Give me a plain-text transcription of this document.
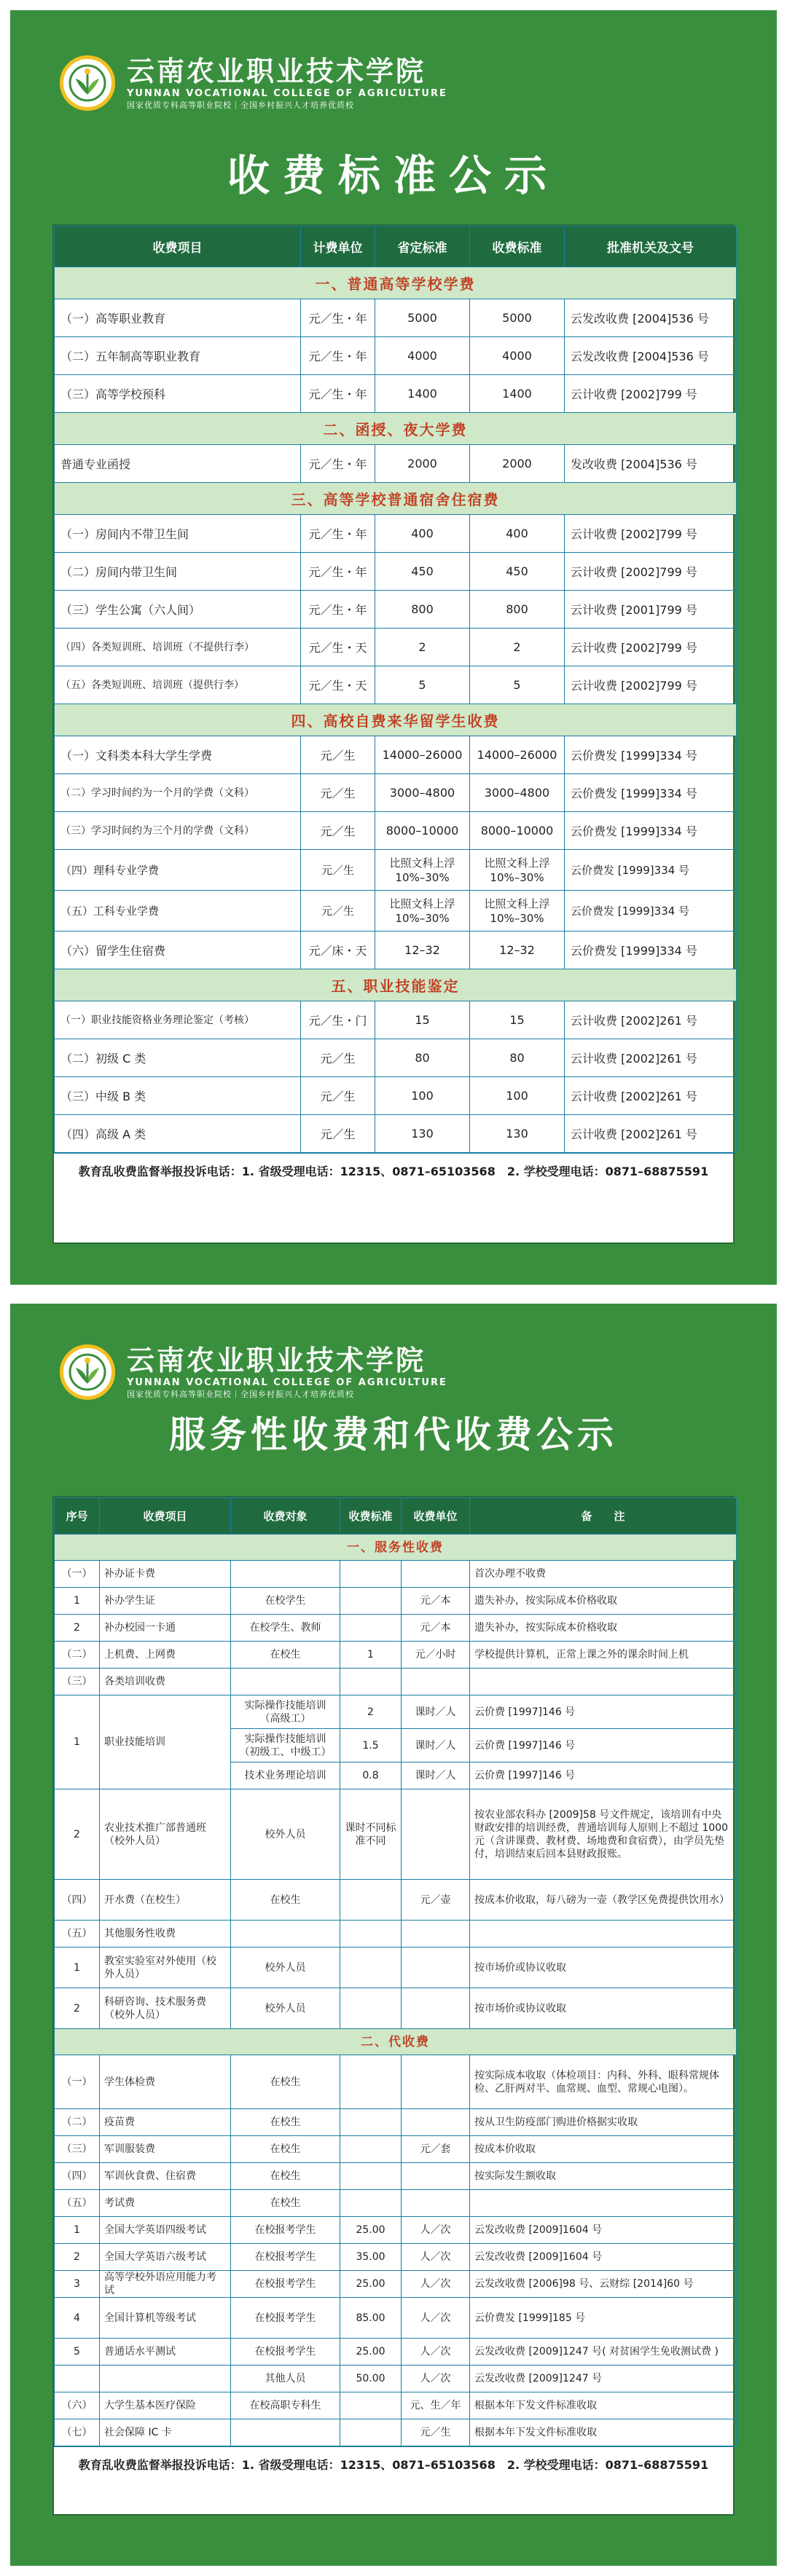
云南农业职业技术学院
YUNNAN VOCATIONAL COLLEGE OF AGRICULTURE
国家优质专科高等职业院校｜全国乡村振兴人才培养优质校
收费标准公示
收费项目	计费单位	省定标准	收费标准	批准机关及文号
一、普通高等学校学费				
（一）高等职业教育	元／生・年	5000	5000	云发改收费 [2004]536 号
（二）五年制高等职业教育	元／生・年	4000	4000	云发改收费 [2004]536 号
（三）高等学校预科	元／生・年	1400	1400	云计收费 [2002]799 号
二、函授、夜大学费				
普通专业函授	元／生・年	2000	2000	发改收费 [2004]536 号
三、高等学校普通宿舍住宿费				
（一）房间内不带卫生间	元／生・年	400	400	云计收费 [2002]799 号
（二）房间内带卫生间	元／生・年	450	450	云计收费 [2002]799 号
（三）学生公寓（六人间）	元／生・年	800	800	云计收费 [2001]799 号
（四）各类短训班、培训班（不提供行李）	元／生・天	2	2	云计收费 [2002]799 号
（五）各类短训班、培训班（提供行李）	元／生・天	5	5	云计收费 [2002]799 号
四、高校自费来华留学生收费				
（一）文科类本科大学生学费	元／生	14000–26000	14000–26000	云价费发 [1999]334 号
（二）学习时间约为一个月的学费（文科）	元／生	3000–4800	3000–4800	云价费发 [1999]334 号
（三）学习时间约为三个月的学费（文科）	元／生	8000–10000	8000–10000	云价费发 [1999]334 号
（四）理科专业学费	元／生	比照文科上浮 10%–30%	比照文科上浮 10%–30%	云价费发 [1999]334 号
（五）工科专业学费	元／生	比照文科上浮 10%–30%	比照文科上浮 10%–30%	云价费发 [1999]334 号
（六）留学生住宿费	元／床・天	12–32	12–32	云价费发 [1999]334 号
五、职业技能鉴定				
（一）职业技能资格业务理论鉴定（考核）	元／生・门	15	15	云计收费 [2002]261 号
（二）初级 C 类	元／生	80	80	云计收费 [2002]261 号
（三）中级 B 类	元／生	100	100	云计收费 [2002]261 号
（四）高级 A 类	元／生	130	130	云计收费 [2002]261 号
教育乱收费监督举报投诉电话：1. 省级受理电话：12315、0871–65103568　2. 学校受理电话：0871–68875591
云南农业职业技术学院
YUNNAN VOCATIONAL COLLEGE OF AGRICULTURE
国家优质专科高等职业院校｜全国乡村振兴人才培养优质校
服务性收费和代收费公示
序号	收费项目	收费对象	收费标准	收费单位	备　　注
一、服务性收费					
（一）	补办证卡费				首次办理不收费
1	补办学生证	在校学生		元／本	遗失补办，按实际成本价格收取
2	补办校园一卡通	在校学生、教师		元／本	遗失补办，按实际成本价格收取
（二）	上机费、上网费	在校生	1	元／小时	学校提供计算机，正常上课之外的课余时间上机
（三）	各类培训收费				
1	职业技能培训	实际操作技能培训（高级工）	2	课时／人	云价费 [1997]146 号
		实际操作技能培训（初级工、中级工）	1.5	课时／人	云价费 [1997]146 号
		技术业务理论培训	0.8	课时／人	云价费 [1997]146 号
2	农业技术推广部普通班（校外人员）	校外人员	课时不同标准不同		按农业部农科办 [2009]58 号文件规定，该培训有中央财政安排的培训经费，普通培训每人原则上不超过 1000 元（含讲课费、教材费、场地费和食宿费），由学员先垫付，培训结束后回本县财政报账。
（四）	开水费（在校生）	在校生		元／壶	按成本价收取，每八磅为一壶（教学区免费提供饮用水）
（五）	其他服务性收费				
1	教室实验室对外使用（校外人员）	校外人员			按市场价或协议收取
2	科研咨询、技术服务费（校外人员）	校外人员			按市场价或协议收取
二、代收费					
（一）	学生体检费	在校生			按实际成本收取（体检项目：内科、外科、眼科常规体检、乙肝两对半、血常规、血型、常规心电图）。
（二）	疫苗费	在校生			按从卫生防疫部门购进价格据实收取
（三）	军训服装费	在校生		元／套	按成本价收取
（四）	军训伙食费、住宿费	在校生			按实际发生额收取
（五）	考试费	在校生			
1	全国大学英语四级考试	在校报考学生	25.00	人／次	云发改收费 [2009]1604 号
2	全国大学英语六级考试	在校报考学生	35.00	人／次	云发改收费 [2009]1604 号
3	高等学校外语应用能力考试	在校报考学生	25.00	人／次	云发改收费 [2006]98 号、云财综 [2014]60 号
4	全国计算机等级考试	在校报考学生	85.00	人／次	云价费发 [1999]185 号
5	普通话水平测试	在校报考学生	25.00	人／次	云发改收费 [2009]1247 号( 对贫困学生免收测试费 )
		其他人员	50.00	人／次	云发改收费 [2009]1247 号
（六）	大学生基本医疗保险	在校高职专科生		元、生／年	根据本年下发文件标准收取
（七）	社会保障 IC 卡			元／生	根据本年下发文件标准收取
教育乱收费监督举报投诉电话：1. 省级受理电话：12315、0871–65103568　2. 学校受理电话：0871–68875591
